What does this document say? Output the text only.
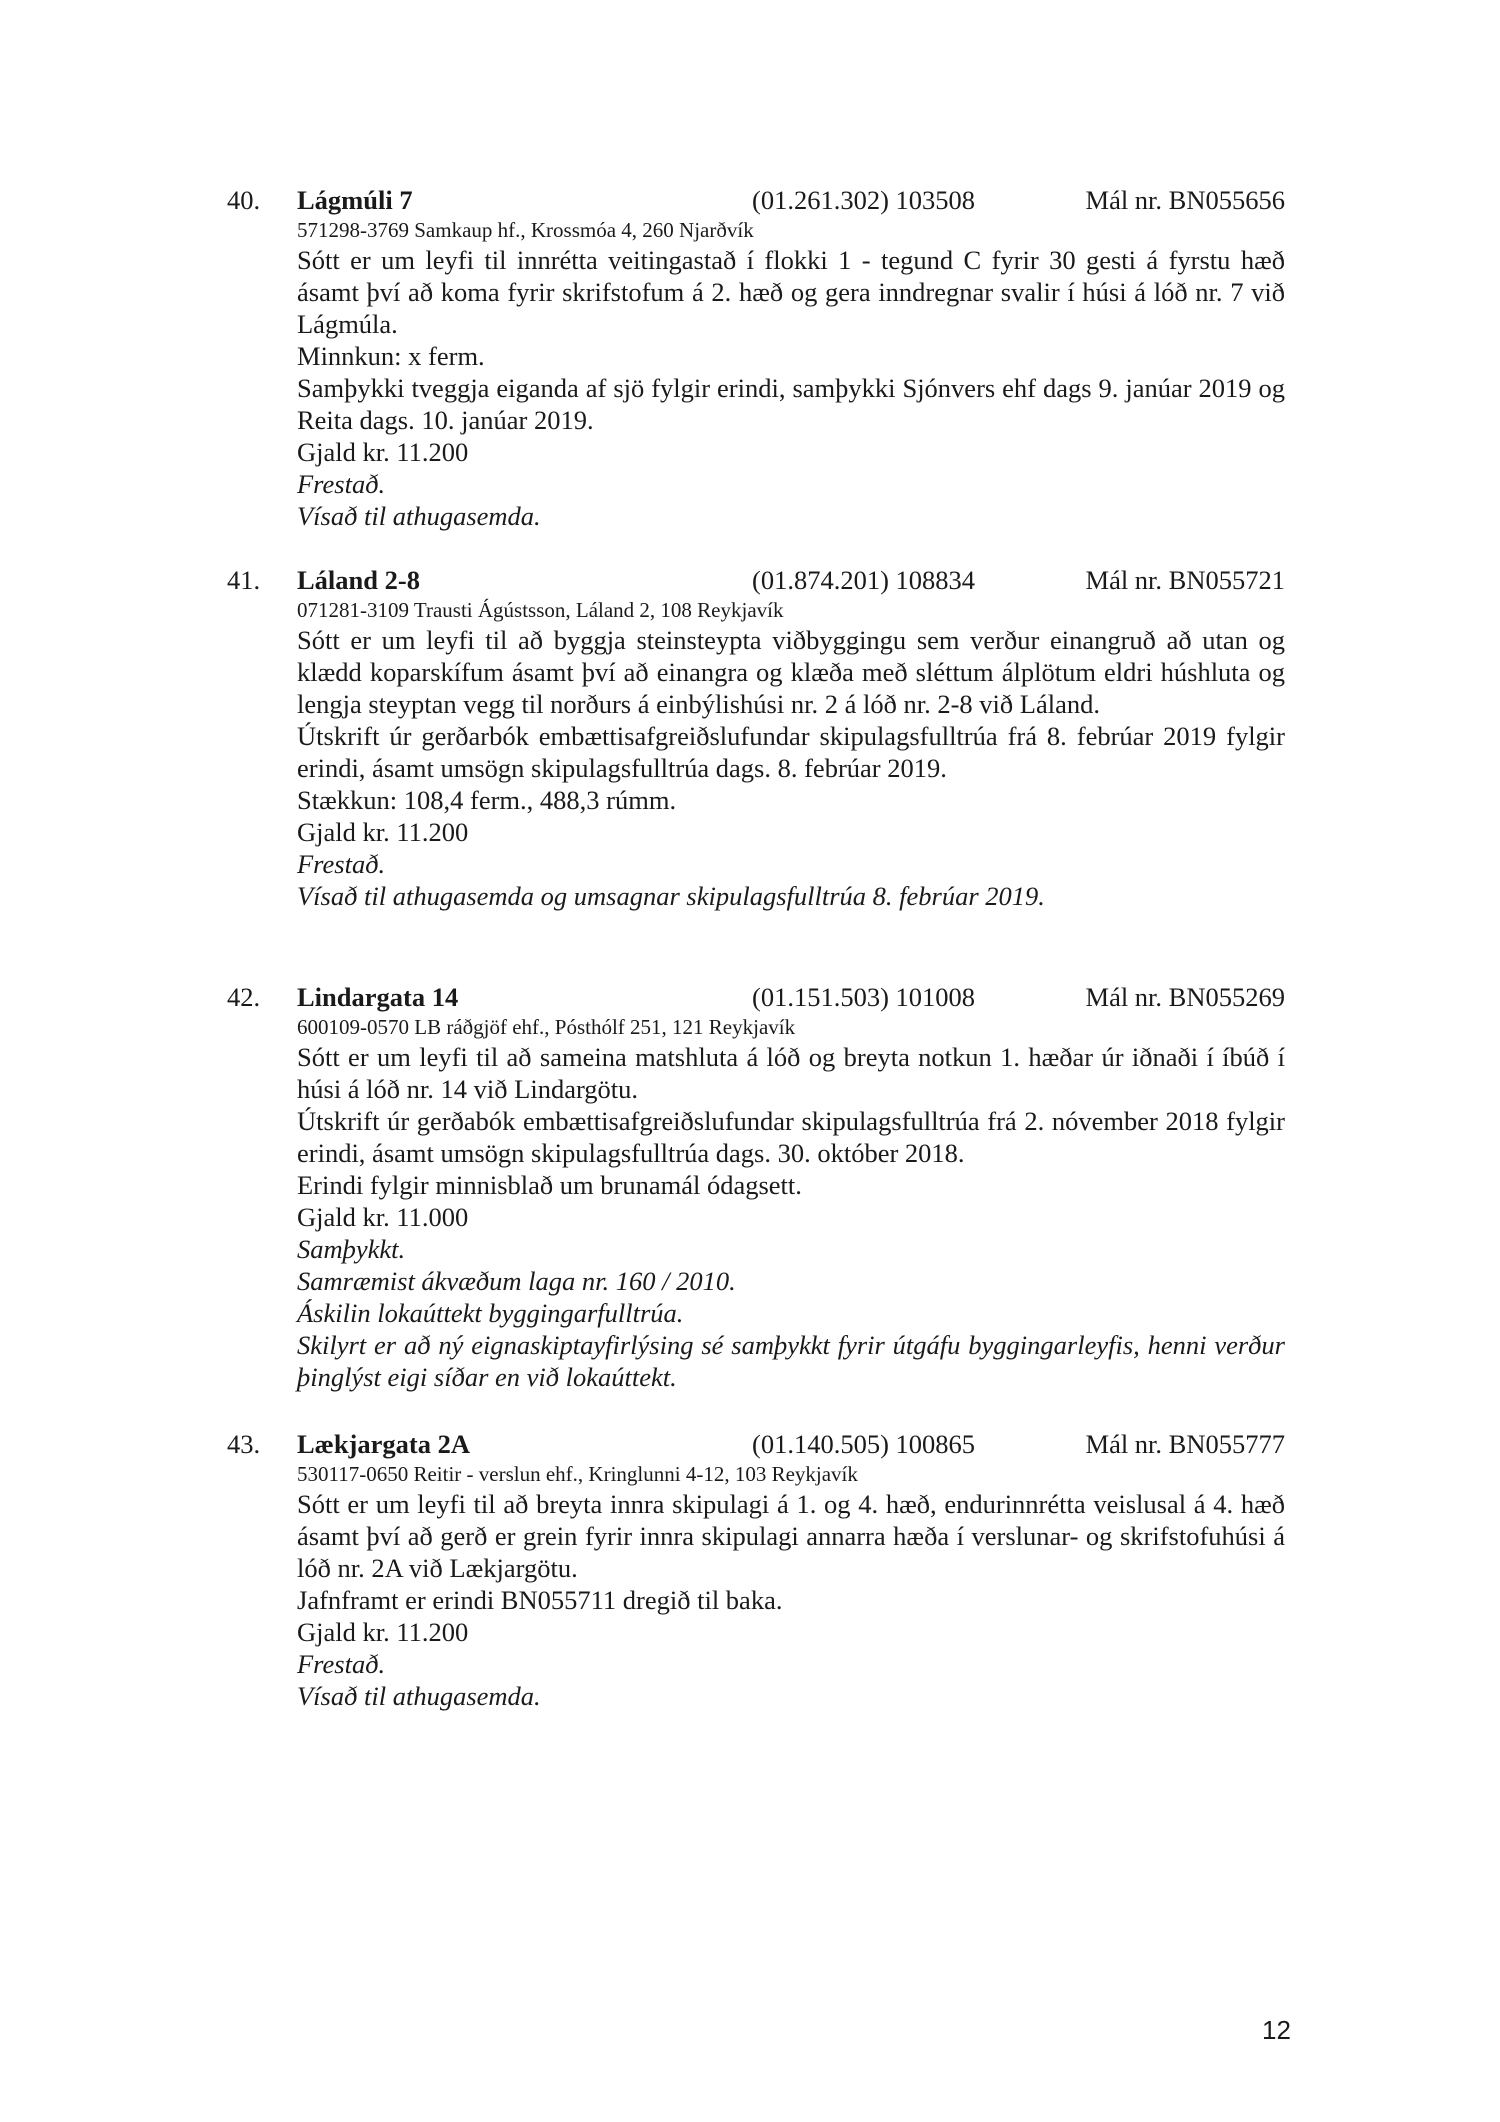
40. Lágmúli 7	(01.261.302) 103508	Mál nr. BN055656
571298-3769 Samkaup hf., Krossmóa 4, 260 Njarðvík
Sótt er um leyfi til innrétta veitingastað í flokki 1 - tegund C fyrir 30 gesti á fyrstu hæð ásamt því að koma fyrir skrifstofum á 2. hæð og gera inndregnar svalir í húsi á lóð nr. 7 við Lágmúla.
Minnkun: x ferm.
Samþykki tveggja eiganda af sjö fylgir erindi, samþykki Sjónvers ehf dags 9. janúar 2019 og Reita dags. 10. janúar 2019.
Gjald kr. 11.200
Frestað.
Vísað til athugasemda.
41. Láland 2-8	(01.874.201) 108834	Mál nr. BN055721
071281-3109 Trausti Ágústsson, Láland 2, 108 Reykjavík
Sótt er um leyfi til að byggja steinsteypta viðbyggingu sem verður einangruð að utan og klædd koparskífum ásamt því að einangra og klæða með sléttum álplötum eldri húshluta og lengja steyptan vegg til norðurs á einbýlishúsi nr. 2 á lóð nr. 2-8 við Láland.
Útskrift úr gerðarbók embættisafgreiðslufundar skipulagsfulltrúa frá 8. febrúar 2019 fylgir erindi, ásamt umsögn skipulagsfulltrúa dags. 8. febrúar 2019.
Stækkun: 108,4 ferm., 488,3 rúmm.
Gjald kr. 11.200
Frestað.
Vísað til athugasemda og umsagnar skipulagsfulltrúa 8. febrúar 2019.
42. Lindargata 14	(01.151.503) 101008	Mál nr. BN055269
600109-0570 LB ráðgjöf ehf., Pósthólf 251, 121 Reykjavík
Sótt er um leyfi til að sameina matshluta á lóð og breyta notkun 1. hæðar úr iðnaði í íbúð í húsi á lóð nr. 14 við Lindargötu.
Útskrift úr gerðabók embættisafgreiðslufundar skipulagsfulltrúa frá 2. nóvember 2018 fylgir erindi, ásamt umsögn skipulagsfulltrúa dags. 30. október 2018.
Erindi fylgir minnisblað um brunamál ódagsett.
Gjald kr. 11.000
Samþykkt.
Samræmist ákvæðum laga nr. 160 / 2010.
Áskilin lokaúttekt byggingarfulltrúa.
Skilyrt er að ný eignaskiptayfirlýsing sé samþykkt fyrir útgáfu byggingarleyfis, henni verður þinglýst eigi síðar en við lokaúttekt.
43. Lækjargata 2A	(01.140.505) 100865	Mál nr. BN055777
530117-0650 Reitir - verslun ehf., Kringlunni 4-12, 103 Reykjavík
Sótt er um leyfi til að breyta innra skipulagi á 1. og 4. hæð, endurinnrétta veislusal á 4. hæð ásamt því að gerð er grein fyrir innra skipulagi annarra hæða í verslunar- og skrifstofuhúsi á lóð nr. 2A við Lækjargötu.
Jafnframt er erindi BN055711 dregið til baka.
Gjald kr. 11.200
Frestað.
Vísað til athugasemda.
12
